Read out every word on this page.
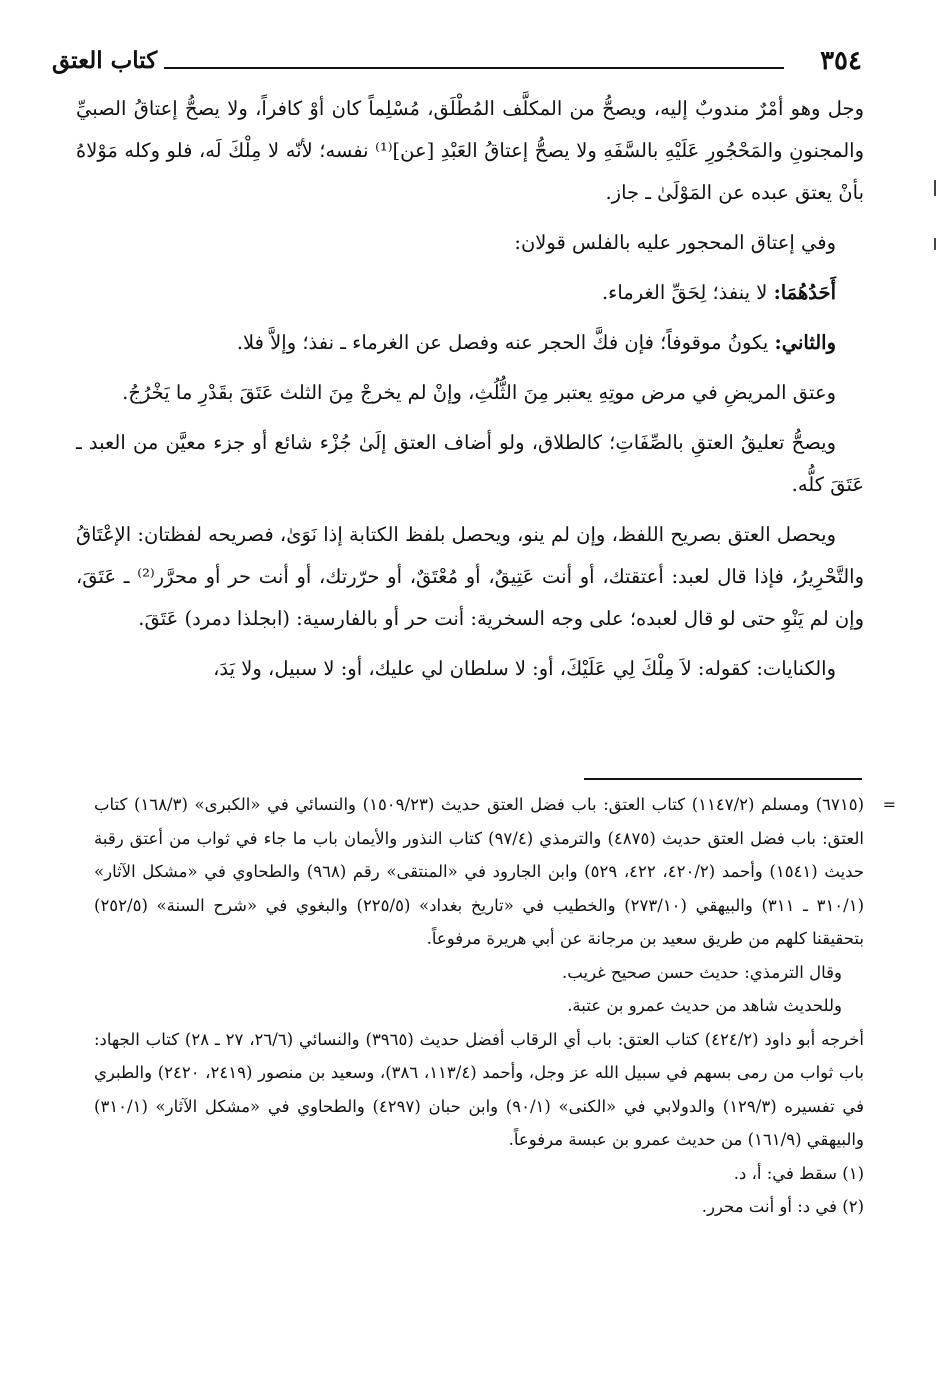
٣٥٤
كتاب العتق

وجل وهو أمْرٌ مندوبٌ إليه، ويصحُّ من المكلَّف المُطْلَق، مُسْلِماً كان أوْ كافراً، ولا يصحُّ إعتاقُ الصبيِّ والمجنونِ والمَحْجُورِ عَلَيْهِ بالسَّفَهِ ولا يصحُّ إعتاقُ العَبْدِ [عن]⁽¹⁾ نفسه؛ لأنّه لا مِلْكَ لَه، فلو وكله مَوْلاهُ بأنْ يعتق عبده عن المَوْلَىٰ ـ جاز.

وفي إعتاق المحجور عليه بالفلس قولان:

أَحَدُهُمَا: لا ينفذ؛ لِحَقِّ الغرماء.

والثاني: يكونُ موقوفاً؛ فإن فكَّ الحجر عنه وفصل عن الغرماء ـ نفذ؛ وإلاَّ فلا.

وعتق المريضِ في مرض موتِهِ يعتبر مِنَ الثُّلُثِ، وإنْ لم يخرجْ مِنَ الثلث عَتَقَ بقَدْرِ ما يَخْرُجُ.

ويصحُّ تعليقُ العتقِ بالصِّفَاتِ؛ كالطلاق، ولو أضاف العتق إلَىٰ جُزْء شائع أو جزء معيَّن من العبد ـ عَتَقَ كلُّه.

ويحصل العتق بصريح اللفظ، وإن لم ينو، ويحصل بلفظ الكتابة إذا نَوَىٰ، فصريحه لفظتان: الإعْتَاقُ والتَّحْرِيرُ، فإذا قال لعبد: أعتقتك، أو أنت عَتِيقٌ، أو مُعْتَقٌ، أو حرّرتك، أو أنت حر أو محرَّر⁽²⁾ ـ عَتَقَ، وإن لم يَنْوِ حتى لو قال لعبده؛ على وجه السخرية: أنت حر أو بالفارسية: (ابجلذا دمرد) عَتَقَ.

والكنايات: كقوله: لاَ مِلْكَ لِي عَلَيْكَ، أو: لا سلطان لي عليك، أو: لا سبيل، ولا يَدَ،

=

(٦٧١٥) ومسلم (١١٤٧/٢) كتاب العتق: باب فضل العتق حديث (١٥٠٩/٢٣) والنسائي في «الكبرى» (١٦٨/٣) كتاب العتق: باب فضل العتق حديث (٤٨٧٥) والترمذي (٩٧/٤) كتاب النذور والأيمان باب ما جاء في ثواب من أعتق رقبة حديث (١٥٤١) وأحمد (٤٢٠/٢، ٤٢٢، ٥٢٩) وابن الجارود في «المنتقى» رقم (٩٦٨) والطحاوي في «مشكل الآثار» (٣١٠/١ ـ ٣١١) والبيهقي (٢٧٣/١٠) والخطيب في «تاريخ بغداد» (٢٢٥/٥) والبغوي في «شرح السنة» (٢٥٢/٥) بتحقيقنا كلهم من طريق سعيد بن مرجانة عن أبي هريرة مرفوعاً.

وقال الترمذي: حديث حسن صحيح غريب.

وللحديث شاهد من حديث عمرو بن عتبة.

أخرجه أبو داود (٤٢٤/٢) كتاب العتق: باب أي الرقاب أفضل حديث (٣٩٦٥) والنسائي (٢٦/٦، ٢٧ ـ ٢٨) كتاب الجهاد: باب ثواب من رمى بسهم في سبيل الله عز وجل، وأحمد (١١٣/٤، ٣٨٦)، وسعيد بن منصور (٢٤١٩، ٢٤٢٠) والطبري في تفسيره (١٢٩/٣) والدولابي في «الكنى» (٩٠/١) وابن حبان (٤٢٩٧) والطحاوي في «مشكل الآثار» (٣١٠/١) والبيهقي (١٦١/٩) من حديث عمرو بن عبسة مرفوعاً.

(١) سقط في: أ، د.

(٢) في د: أو أنت محرر.
